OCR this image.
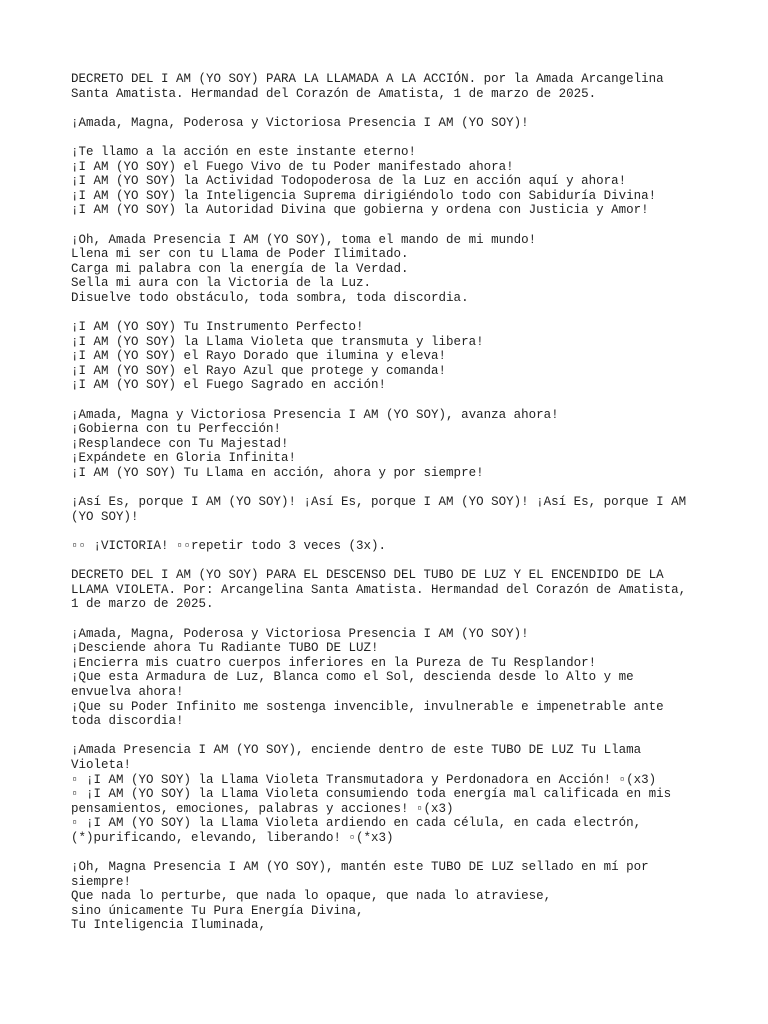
DECRETO DEL I AM (YO SOY) PARA LA LLAMADA A LA ACCIÓN. por la Amada Arcangelina
Santa Amatista. Hermandad del Corazón de Amatista, 1 de marzo de 2025.
¡Amada, Magna, Poderosa y Victoriosa Presencia I AM (YO SOY)!
¡Te llamo a la acción en este instante eterno!
¡I AM (YO SOY) el Fuego Vivo de tu Poder manifestado ahora!
¡I AM (YO SOY) la Actividad Todopoderosa de la Luz en acción aquí y ahora!
¡I AM (YO SOY) la Inteligencia Suprema dirigiéndolo todo con Sabiduría Divina!
¡I AM (YO SOY) la Autoridad Divina que gobierna y ordena con Justicia y Amor!
¡Oh, Amada Presencia I AM (YO SOY), toma el mando de mi mundo!
Llena mi ser con tu Llama de Poder Ilimitado.
Carga mi palabra con la energía de la Verdad.
Sella mi aura con la Victoria de la Luz.
Disuelve todo obstáculo, toda sombra, toda discordia.
¡I AM (YO SOY) Tu Instrumento Perfecto!
¡I AM (YO SOY) la Llama Violeta que transmuta y libera!
¡I AM (YO SOY) el Rayo Dorado que ilumina y eleva!
¡I AM (YO SOY) el Rayo Azul que protege y comanda!
¡I AM (YO SOY) el Fuego Sagrado en acción!
¡Amada, Magna y Victoriosa Presencia I AM (YO SOY), avanza ahora!
¡Gobierna con tu Perfección!
¡Resplandece con Tu Majestad!
¡Expándete en Gloria Infinita!
¡I AM (YO SOY) Tu Llama en acción, ahora y por siempre!
¡Así Es, porque I AM (YO SOY)! ¡Así Es, porque I AM (YO SOY)! ¡Así Es, porque I AM
(YO SOY)!
▫▫ ¡VICTORIA! ▫▫repetir todo 3 veces (3x).
DECRETO DEL I AM (YO SOY) PARA EL DESCENSO DEL TUBO DE LUZ Y EL ENCENDIDO DE LA
LLAMA VIOLETA. Por: Arcangelina Santa Amatista. Hermandad del Corazón de Amatista,
1 de marzo de 2025.
¡Amada, Magna, Poderosa y Victoriosa Presencia I AM (YO SOY)!
¡Desciende ahora Tu Radiante TUBO DE LUZ!
¡Encierra mis cuatro cuerpos inferiores en la Pureza de Tu Resplandor!
¡Que esta Armadura de Luz, Blanca como el Sol, descienda desde lo Alto y me
envuelva ahora!
¡Que su Poder Infinito me sostenga invencible, invulnerable e impenetrable ante
toda discordia!
¡Amada Presencia I AM (YO SOY), enciende dentro de este TUBO DE LUZ Tu Llama
Violeta!
▫ ¡I AM (YO SOY) la Llama Violeta Transmutadora y Perdonadora en Acción! ▫(x3)
▫ ¡I AM (YO SOY) la Llama Violeta consumiendo toda energía mal calificada en mis
pensamientos, emociones, palabras y acciones! ▫(x3)
▫ ¡I AM (YO SOY) la Llama Violeta ardiendo en cada célula, en cada electrón,
(*)purificando, elevando, liberando! ▫(*x3)
¡Oh, Magna Presencia I AM (YO SOY), mantén este TUBO DE LUZ sellado en mí por
siempre!
Que nada lo perturbe, que nada lo opaque, que nada lo atraviese,
sino únicamente Tu Pura Energía Divina,
Tu Inteligencia Iluminada,
